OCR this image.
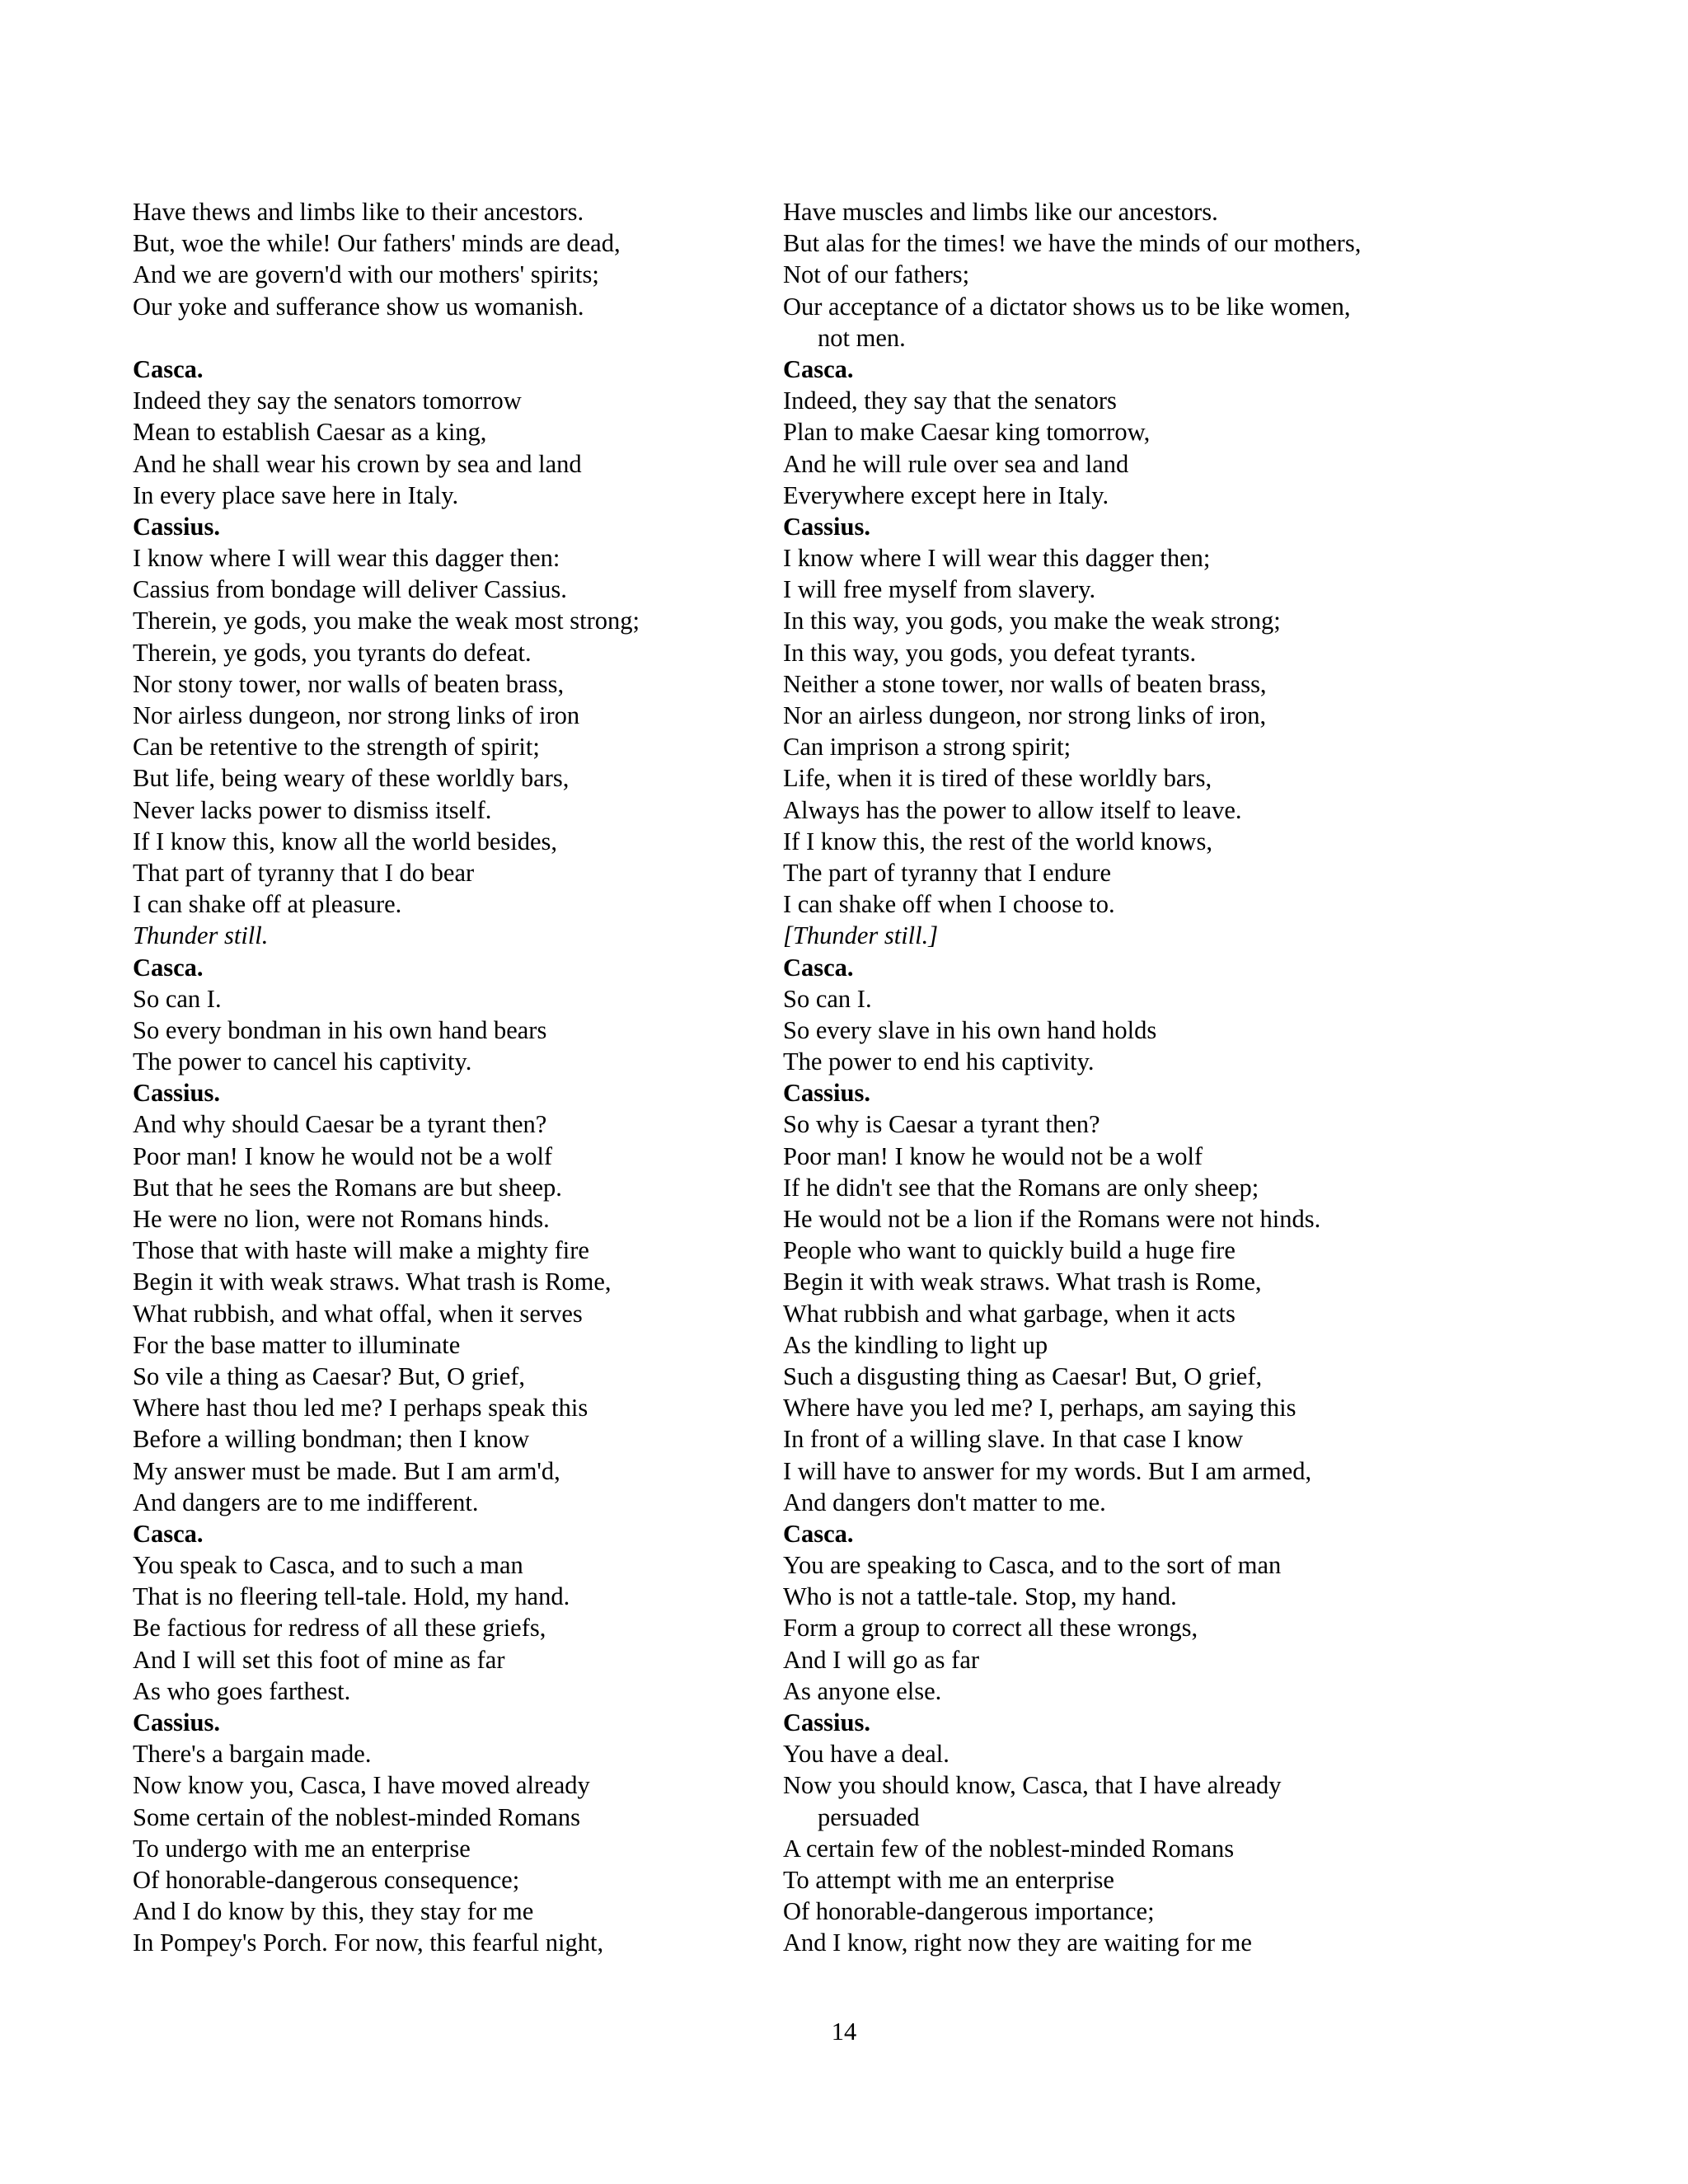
Have thews and limbs like to their ancestors.
But, woe the while! Our fathers' minds are dead,
And we are govern'd with our mothers' spirits;
Our yoke and sufferance show us womanish.
Casca.
Indeed they say the senators tomorrow
Mean to establish Caesar as a king,
And he shall wear his crown by sea and land
In every place save here in Italy.
Cassius.
I know where I will wear this dagger then:
Cassius from bondage will deliver Cassius.
Therein, ye gods, you make the weak most strong;
Therein, ye gods, you tyrants do defeat.
Nor stony tower, nor walls of beaten brass,
Nor airless dungeon, nor strong links of iron
Can be retentive to the strength of spirit;
But life, being weary of these worldly bars,
Never lacks power to dismiss itself.
If I know this, know all the world besides,
That part of tyranny that I do bear
I can shake off at pleasure.
Thunder still.
Casca.
So can I.
So every bondman in his own hand bears
The power to cancel his captivity.
Cassius.
And why should Caesar be a tyrant then?
Poor man! I know he would not be a wolf
But that he sees the Romans are but sheep.
He were no lion, were not Romans hinds.
Those that with haste will make a mighty fire
Begin it with weak straws. What trash is Rome,
What rubbish, and what offal, when it serves
For the base matter to illuminate
So vile a thing as Caesar? But, O grief,
Where hast thou led me? I perhaps speak this
Before a willing bondman; then I know
My answer must be made. But I am arm'd,
And dangers are to me indifferent.
Casca.
You speak to Casca, and to such a man
That is no fleering tell-tale. Hold, my hand.
Be factious for redress of all these griefs,
And I will set this foot of mine as far
As who goes farthest.
Cassius.
There's a bargain made.
Now know you, Casca, I have moved already
Some certain of the noblest-minded Romans
To undergo with me an enterprise
Of honorable-dangerous consequence;
And I do know by this, they stay for me
In Pompey's Porch. For now, this fearful night,
Have muscles and limbs like our ancestors.
But alas for the times! we have the minds of our mothers,
Not of our fathers;
Our acceptance of a dictator shows us to be like women,
not men.
Casca.
Indeed, they say that the senators
Plan to make Caesar king tomorrow,
And he will rule over sea and land
Everywhere except here in Italy.
Cassius.
I know where I will wear this dagger then;
I will free myself from slavery.
In this way, you gods, you make the weak strong;
In this way, you gods, you defeat tyrants.
Neither a stone tower, nor walls of beaten brass,
Nor an airless dungeon, nor strong links of iron,
Can imprison a strong spirit;
Life, when it is tired of these worldly bars,
Always has the power to allow itself to leave.
If I know this, the rest of the world knows,
The part of tyranny that I endure
I can shake off when I choose to.
[Thunder still.]
Casca.
So can I.
So every slave in his own hand holds
The power to end his captivity.
Cassius.
So why is Caesar a tyrant then?
Poor man! I know he would not be a wolf
If he didn't see that the Romans are only sheep;
He would not be a lion if the Romans were not hinds.
People who want to quickly build a huge fire
Begin it with weak straws. What trash is Rome,
What rubbish and what garbage, when it acts
As the kindling to light up
Such a disgusting thing as Caesar! But, O grief,
Where have you led me? I, perhaps, am saying this
In front of a willing slave. In that case I know
I will have to answer for my words. But I am armed,
And dangers don't matter to me.
Casca.
You are speaking to Casca, and to the sort of man
Who is not a tattle-tale. Stop, my hand.
Form a group to correct all these wrongs,
And I will go as far
As anyone else.
Cassius.
You have a deal.
Now you should know, Casca, that I have already
persuaded
A certain few of the noblest-minded Romans
To attempt with me an enterprise
Of honorable-dangerous importance;
And I know, right now they are waiting for me
14
